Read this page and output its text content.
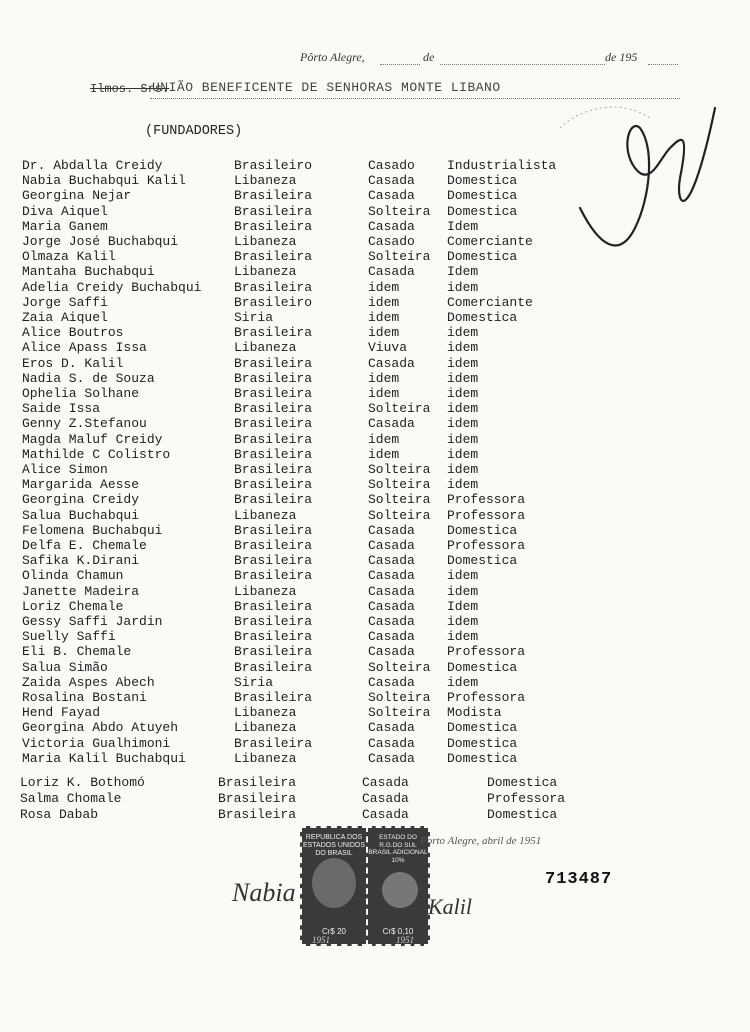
Pôrto Alegre,	de	de 195
Ilmos. Srs.
UNIÃO BENEFICENTE DE SENHORAS MONTE LIBANO
(FUNDADORES)
Dr. Abdalla Creidy	Brasileiro	Casado Industrialista
Nabia Buchabqui Kalil	Libaneza	Casada Domestica
Georgina Nejar	Brasileira	Casada Domestica
Diva Aiquel	Brasileira	Solteira Domestica
Maria Ganem	Brasileira	Casada Idem
Jorge José Buchabqui	Libaneza	Casado Comerciante
Olmaza Kalil	Brasileira	Solteira Domestica
Mantaha Buchabqui	Libaneza	Casada Idem
Adelia Creidy Buchabqui	Brasileira	idem	idem
Jorge Saffi	Brasileiro	idem	Comerciante
Zaia Aiquel	Siria	idem	Domestica
Alice Boutros	Brasileira	idem	idem
Alice Apass Issa	Libaneza	Viuva	idem
Eros D. Kalil	Brasileira	Casada idem
Nadia S. de Souza	Brasileira	idem	idem
Ophelia Solhane	Brasileira	idem	idem
Saide Issa	Brasileira	Solteira idem
Genny Z.Stefanou	Brasileira	Casada idem
Magda Maluf Creidy	Brasileira	idem	idem
Mathilde C Colistro	Brasileira	idem	idem
Alice Simon	Brasileira	Solteira idem
Margarida Aesse	Brasileira	Solteira idem
Georgina Creidy	Brasileira	Solteira Professora
Salua Buchabqui	Libaneza	Solteira Professora
Felomena Buchabqui	Brasileira	Casada Domestica
Delfa E. Chemale	Brasileira	Casada Professora
Safika K.Dirani	Brasileira	Casada Domestica
Olinda Chamun	Brasileira	Casada idem
Janette Madeira	Libaneza	Casada idem
Loriz Chemale	Brasileira	Casada Idem
Gessy Saffi Jardin	Brasileira	Casada idem
Suelly Saffi	Brasileira	Casada idem
Eli B. Chemale	Brasileira	Casada Professora
Salua Simão	Brasileira	Solteira Domestica
Zaida Aspes Abech	Siria	Casada idem
Rosalina Bostani	Brasileira	Solteira Professora
Hend Fayad	Libaneza	Solteira Modista
Georgina Abdo Atuyeh	Libaneza	Casada Domestica
Victoria Gualhimoni	Brasileira	Casada Domestica
Maria Kalil Buchabqui	Libaneza	Casada Domestica
Loriz K. Bothomó	Brasileira	Casada	Domestica
Salma Chomale	Brasileira	Casada	Professora
Rosa Dabab	Brasileira	Casada	Domestica
REPUBLICA DOS ESTADOS UNIDOS DO BRASIL
Cr$ 20
ESTADO DO R.G.DO SUL BRASIL ADICIONAL 10%
Cr$ 0,10
1951	1951
Porto Alegre, abril de 1951
Nabia	Kalil
713487
